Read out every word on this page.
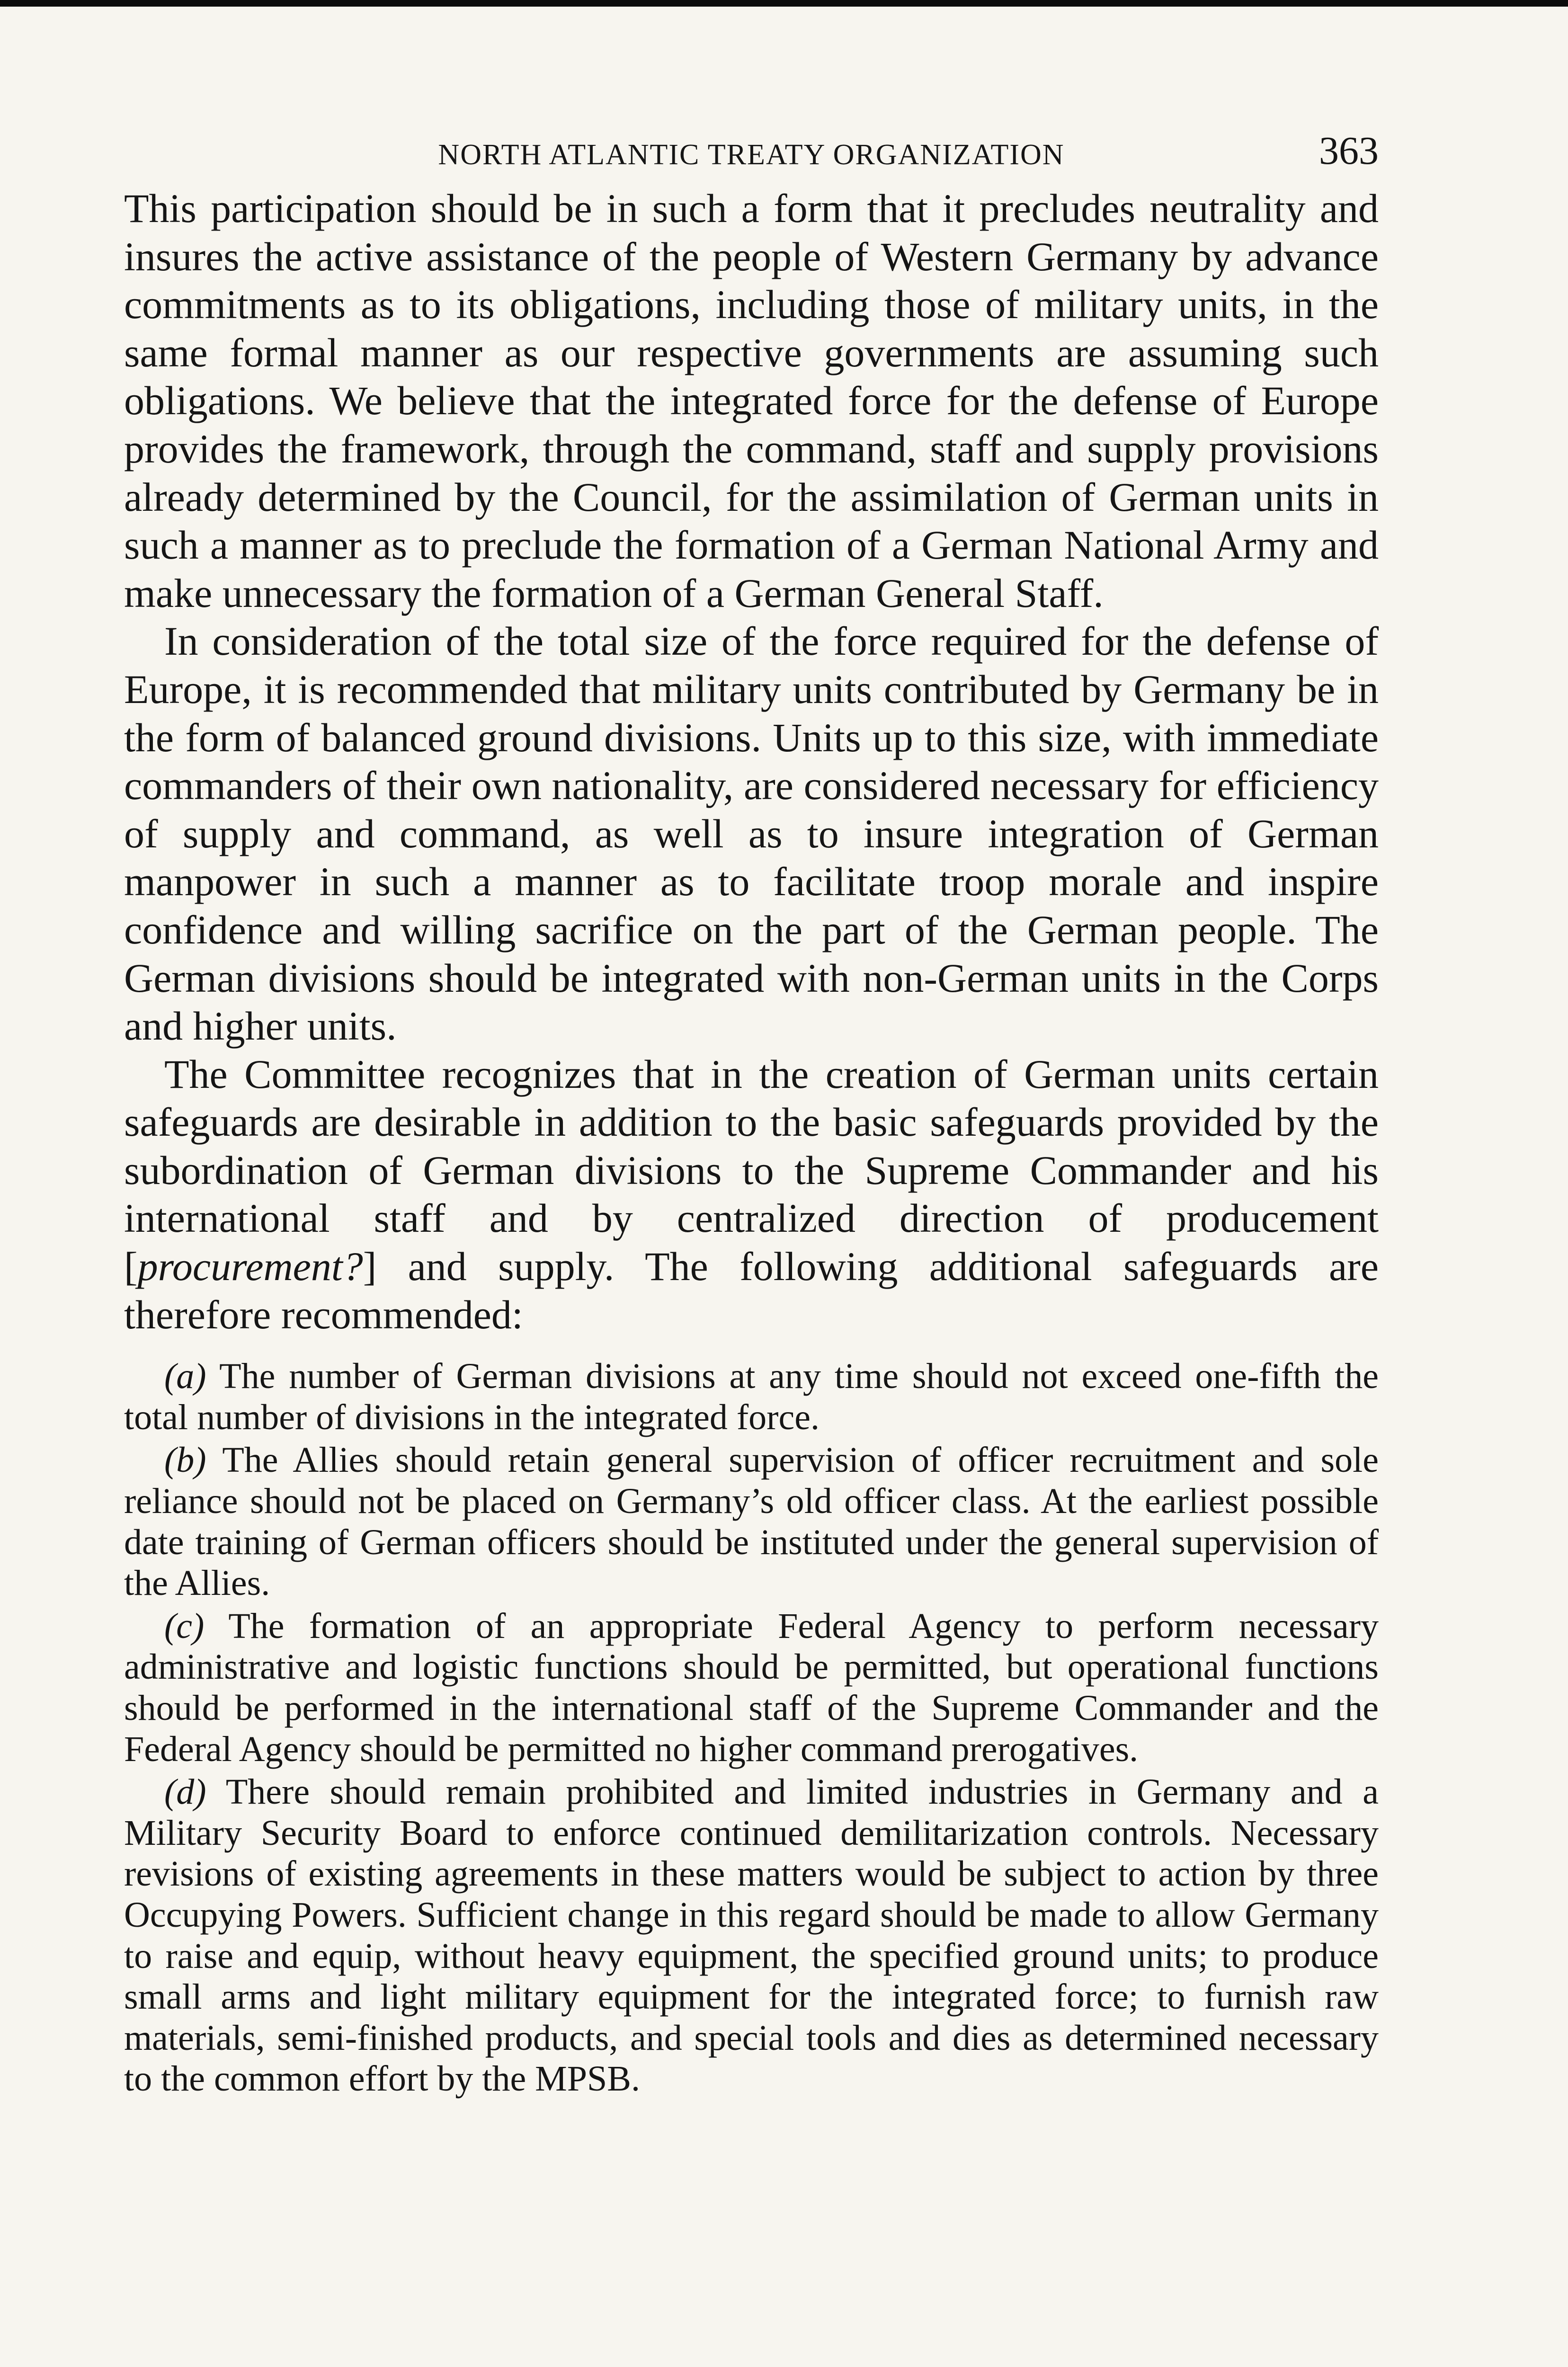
NORTH ATLANTIC TREATY ORGANIZATION	363

This participation should be in such a form that it precludes neutrality and insures the active assistance of the people of Western Germany by advance commitments as to its obligations, including those of military units, in the same formal manner as our respective governments are assuming such obligations. We believe that the integrated force for the defense of Europe provides the framework, through the command, staff and supply provisions already determined by the Council, for the assimilation of German units in such a manner as to preclude the formation of a German National Army and make unnecessary the formation of a German General Staff.

In consideration of the total size of the force required for the defense of Europe, it is recommended that military units contributed by Germany be in the form of balanced ground divisions. Units up to this size, with immediate commanders of their own nationality, are considered necessary for efficiency of supply and command, as well as to insure integration of German manpower in such a manner as to facilitate troop morale and inspire confidence and willing sacrifice on the part of the German people. The German divisions should be integrated with non-German units in the Corps and higher units.

The Committee recognizes that in the creation of German units certain safeguards are desirable in addition to the basic safeguards provided by the subordination of German divisions to the Supreme Commander and his international staff and by centralized direction of producement [procurement?] and supply. The following additional safeguards are therefore recommended:

(a) The number of German divisions at any time should not exceed one-fifth the total number of divisions in the integrated force.

(b) The Allies should retain general supervision of officer recruitment and sole reliance should not be placed on Germany’s old officer class. At the earliest possible date training of German officers should be instituted under the general supervision of the Allies.

(c) The formation of an appropriate Federal Agency to perform necessary administrative and logistic functions should be permitted, but operational functions should be performed in the international staff of the Supreme Commander and the Federal Agency should be permitted no higher command prerogatives.

(d) There should remain prohibited and limited industries in Germany and a Military Security Board to enforce continued demilitarization controls. Necessary revisions of existing agreements in these matters would be subject to action by three Occupying Powers. Sufficient change in this regard should be made to allow Germany to raise and equip, without heavy equipment, the specified ground units; to produce small arms and light military equipment for the integrated force; to furnish raw materials, semi-finished products, and special tools and dies as determined necessary to the common effort by the MPSB.
